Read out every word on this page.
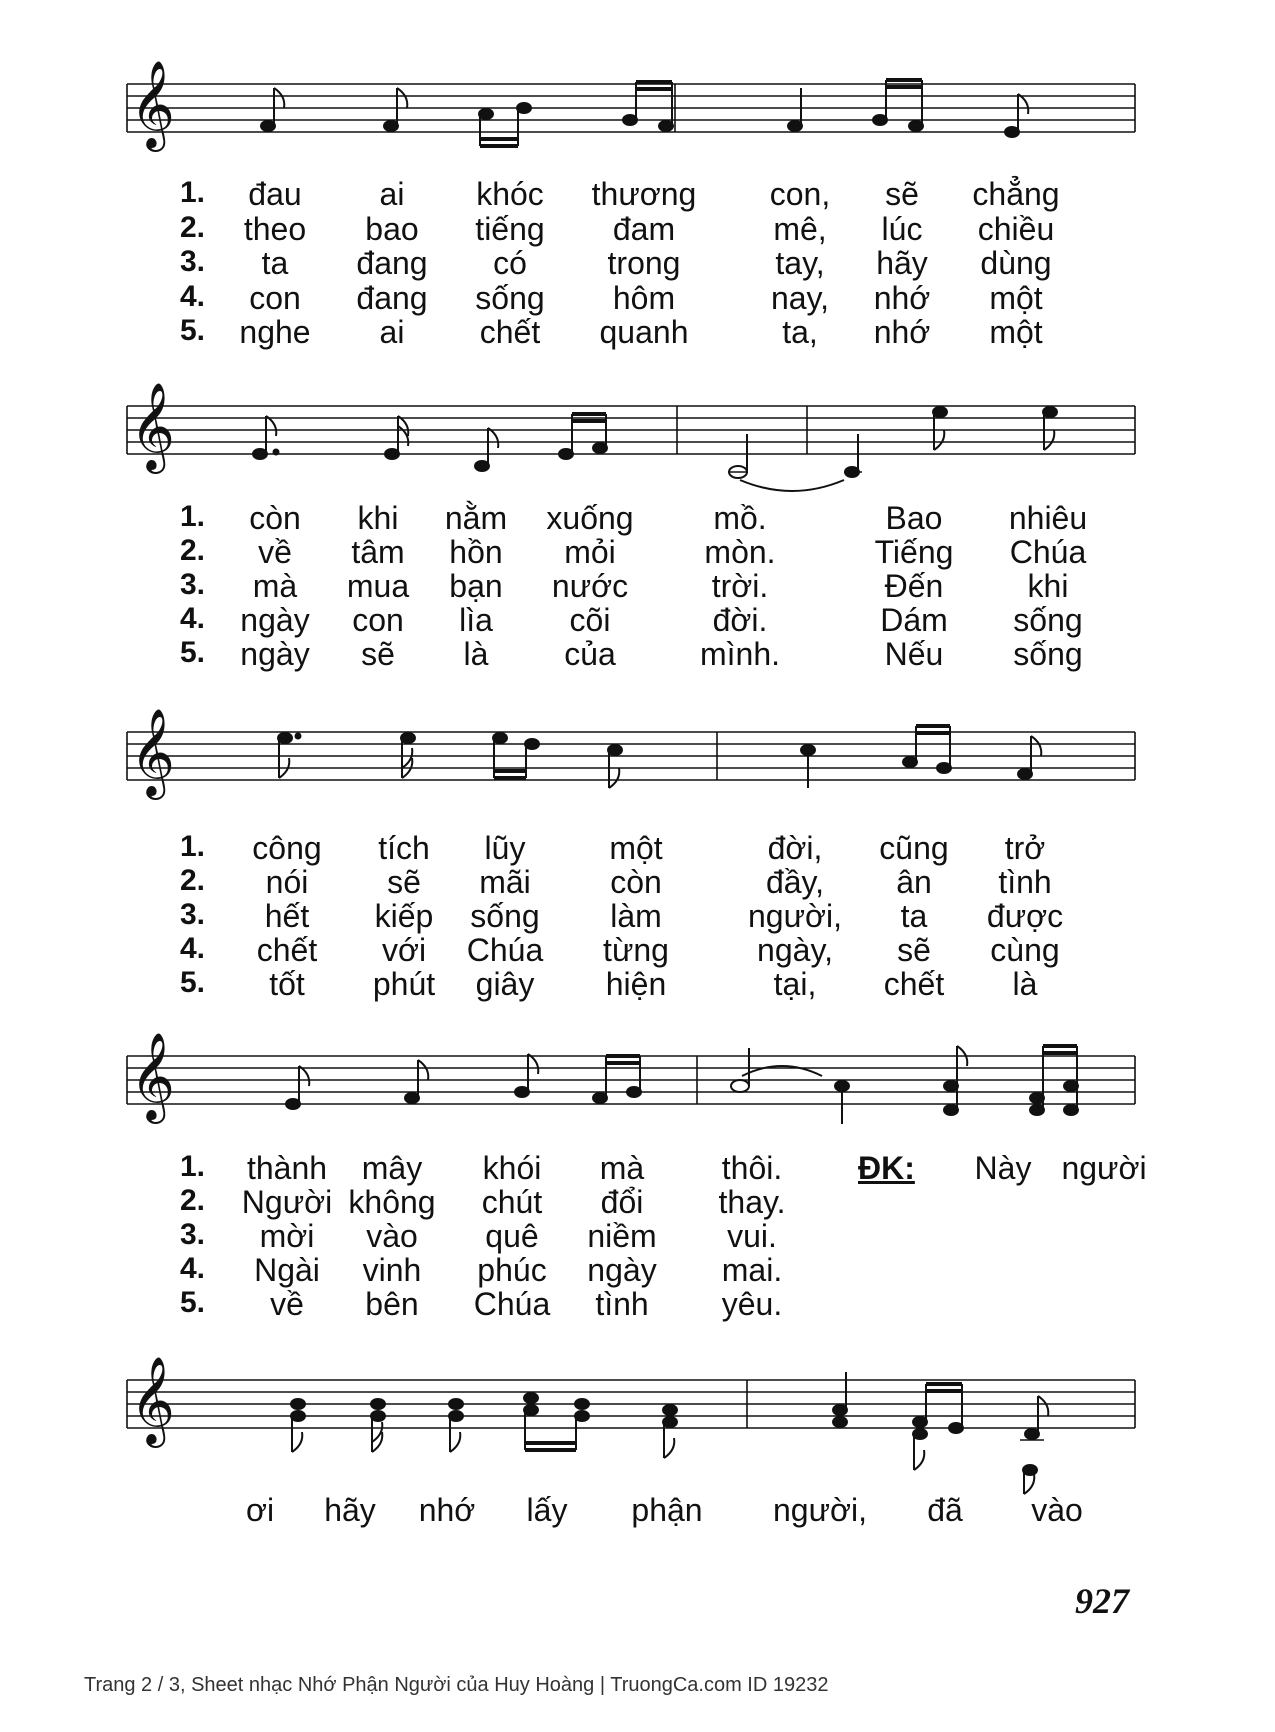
𝄞
1. đau ai khóc thương con, sẽ chẳng
2. theo bao tiếng đam	mê, lúc chiều
3. ta đang có	trong	tay, hãy dùng
4. con đang sống hôm	nay, nhớ một
5. nghe ai chết quanh	ta, nhớ một
𝄞
1. còn khi nằm xuống mồ.	Bao nhiêu
2. về tâm hồn mỏi	mòn.	Tiếng Chúa
3. mà mua bạn nước	trời.	Đến	khi
4. ngày con lìa cõi	đời.	Dám sống
5. ngày sẽ là của	mình.	Nếu sống
𝄞
1. công tích lũy	một	đời, cũng trở
2. nói sẽ mãi còn	đầy, ân tình
3. hết kiếp sống làm	người, ta được
4. chết với Chúa từng	ngày, sẽ cùng
5. tốt phút giây hiện	tại, chết là
𝄞
1. thành mây khói mà thôi. ĐK: Này người
2. Người không chút đổi thay.
3. mời vào quê niềm vui.
4. Ngài vinh phúc ngày mai.
5. về bên Chúa tình yêu.
𝄞
ơi hãy nhớ lấy phận người, đã vào
927
Trang 2 / 3, Sheet nhạc Nhớ Phận Người của Huy Hoàng | TruongCa.com ID 19232
